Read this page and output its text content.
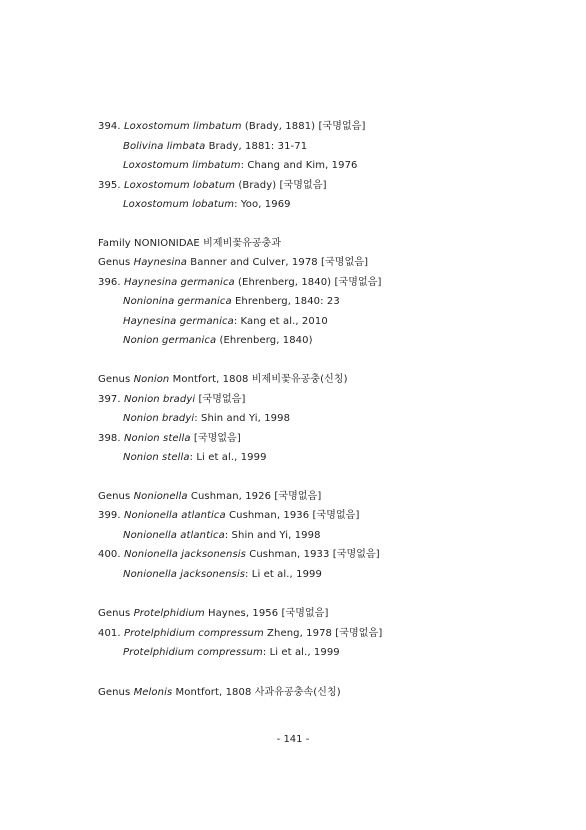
394. Loxostomum limbatum (Brady, 1881) [국명없음]
Bolivina limbata Brady, 1881: 31-71
Loxostomum limbatum: Chang and Kim, 1976
395. Loxostomum lobatum (Brady) [국명없음]
Loxostomum lobatum: Yoo, 1969
Family NONIONIDAE 비제비꽃유공충과
Genus Haynesina Banner and Culver, 1978 [국명없음]
396. Haynesina germanica (Ehrenberg, 1840) [국명없음]
Nonionina germanica Ehrenberg, 1840: 23
Haynesina germanica: Kang et al., 2010
Nonion germanica (Ehrenberg, 1840)
Genus Nonion Montfort, 1808 비제비꽃유공충(신칭)
397. Nonion bradyi [국명없음]
Nonion bradyi: Shin and Yi, 1998
398. Nonion stella [국명없음]
Nonion stella: Li et al., 1999
Genus Nonionella Cushman, 1926 [국명없음]
399. Nonionella atlantica Cushman, 1936 [국명없음]
Nonionella atlantica: Shin and Yi, 1998
400. Nonionella jacksonensis Cushman, 1933 [국명없음]
Nonionella jacksonensis: Li et al., 1999
Genus Protelphidium Haynes, 1956 [국명없음]
401. Protelphidium compressum Zheng, 1978 [국명없음]
Protelphidium compressum: Li et al., 1999
Genus Melonis Montfort, 1808 사과유공충속(신칭)
- 141 -
